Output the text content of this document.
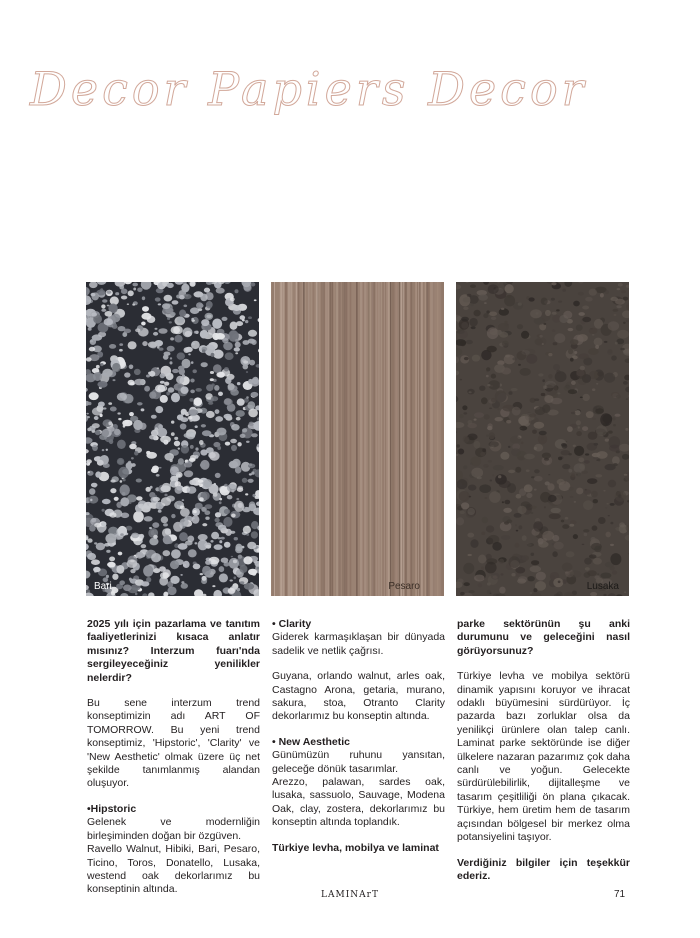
Decor Papiers Decor
Bari	Pesaro	Lusaka

2025 yılı için pazarlama ve tanıtım faaliyetlerinizi kısaca anlatır mısınız? Interzum fuarı'nda sergileyeceğiniz yenilikler nelerdir?

Bu sene interzum trend konseptimizin adı ART OF TOMORROW. Bu yeni trend konseptimiz, 'Hipstoric', 'Clarity' ve 'New Aesthetic' olmak üzere üç net şekilde tanımlanmış alandan oluşuyor.

•Hipstoric
Gelenek ve modernliğin birleşiminden doğan bir özgüven.
Ravello Walnut, Hibiki, Bari, Pesaro, Ticino, Toros, Donatello, Lusaka, westend oak dekorlarımız bu konseptinin altında.

• Clarity
Giderek karmaşıklaşan bir dünyada sadelik ve netlik çağrısı.

Guyana, orlando walnut, arles oak, Castagno Arona, getaria, murano, sakura, stoa, Otranto Clarity dekorlarımız bu konseptin altında.

• New Aesthetic
Günümüzün ruhunu yansıtan, geleceğe dönük tasarımlar.
Arezzo, palawan, sardes oak, lusaka, sassuolo, Sauvage, Modena Oak, clay, zostera, dekorlarımız bu konseptin altında toplandık.

Türkiye levha, mobilya ve laminat

parke sektörünün şu anki durumunu ve geleceğini nasıl görüyorsunuz?

Türkiye levha ve mobilya sektörü dinamik yapısını koruyor ve ihracat odaklı büyümesini sürdürüyor. İç pazarda bazı zorluklar olsa da yenilikçi ürünlere olan talep canlı. Laminat parke sektöründe ise diğer ülkelere nazaran pazarımız çok daha canlı ve yoğun. Gelecekte sürdürülebilirlik, dijitalleşme ve tasarım çeşitliliği ön plana çıkacak. Türkiye, hem üretim hem de tasarım açısından bölgesel bir merkez olma potansiyelini taşıyor.

Verdiğiniz bilgiler için teşekkür ederiz.

LAMINArT	71
